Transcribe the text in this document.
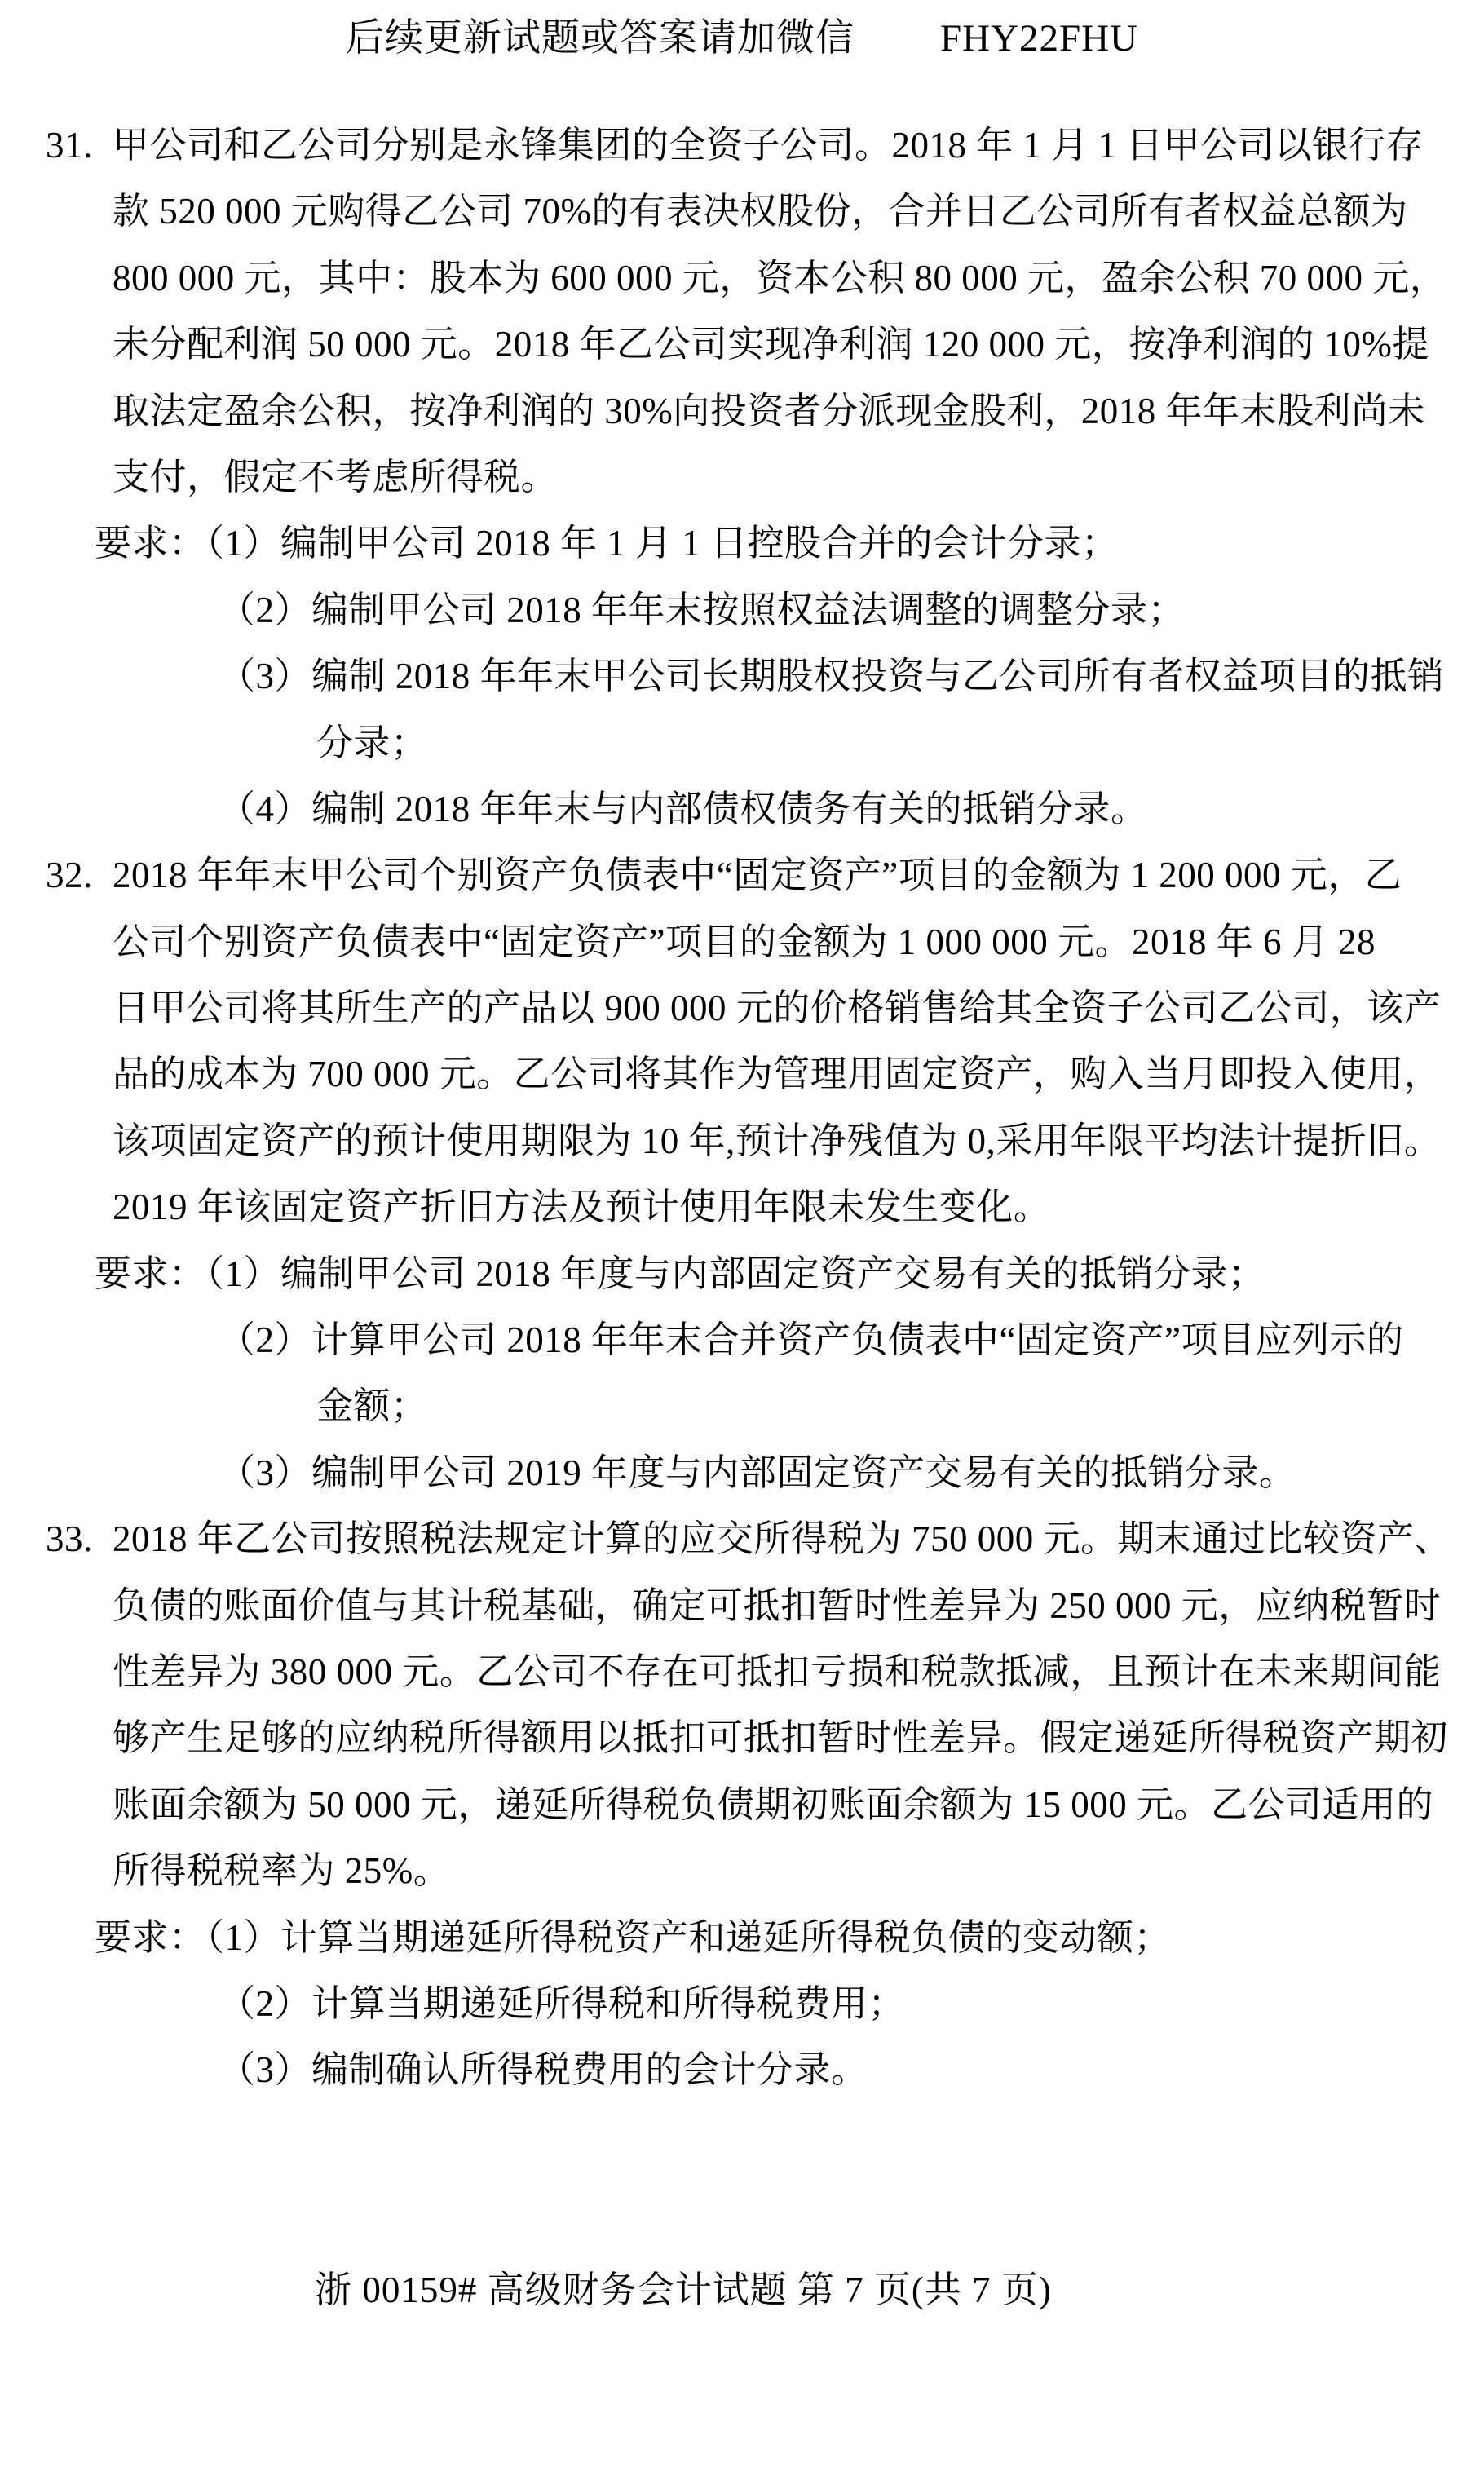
后续更新试题或答案请加微信 FHY22FHU
31. 甲公司和乙公司分别是永锋集团的全资子公司。2018 年 1 月 1 日甲公司以银行存
款 520 000 元购得乙公司 70%的有表决权股份，合并日乙公司所有者权益总额为
800 000 元，其中：股本为 600 000 元，资本公积 80 000 元，盈余公积 70 000 元，
未分配利润 50 000 元。2018 年乙公司实现净利润 120 000 元，按净利润的 10%提
取法定盈余公积，按净利润的 30%向投资者分派现金股利，2018 年年末股利尚未
支付，假定不考虑所得税。
要求：（1）编制甲公司 2018 年 1 月 1 日控股合并的会计分录；
（2）编制甲公司 2018 年年末按照权益法调整的调整分录；
（3）编制 2018 年年末甲公司长期股权投资与乙公司所有者权益项目的抵销
分录；
（4）编制 2018 年年末与内部债权债务有关的抵销分录。
32. 2018 年年末甲公司个别资产负债表中“固定资产”项目的金额为 1 200 000 元，乙
公司个别资产负债表中“固定资产”项目的金额为 1 000 000 元。2018 年 6 月 28
日甲公司将其所生产的产品以 900 000 元的价格销售给其全资子公司乙公司，该产
品的成本为 700 000 元。乙公司将其作为管理用固定资产，购入当月即投入使用，
该项固定资产的预计使用期限为 10 年,预计净残值为 0,采用年限平均法计提折旧。
2019 年该固定资产折旧方法及预计使用年限未发生变化。
要求：（1）编制甲公司 2018 年度与内部固定资产交易有关的抵销分录；
（2）计算甲公司 2018 年年末合并资产负债表中“固定资产”项目应列示的
金额；
（3）编制甲公司 2019 年度与内部固定资产交易有关的抵销分录。
33. 2018 年乙公司按照税法规定计算的应交所得税为 750 000 元。期末通过比较资产、
负债的账面价值与其计税基础，确定可抵扣暂时性差异为 250 000 元，应纳税暂时
性差异为 380 000 元。乙公司不存在可抵扣亏损和税款抵减，且预计在未来期间能
够产生足够的应纳税所得额用以抵扣可抵扣暂时性差异。假定递延所得税资产期初
账面余额为 50 000 元，递延所得税负债期初账面余额为 15 000 元。乙公司适用的
所得税税率为 25%。
要求：（1）计算当期递延所得税资产和递延所得税负债的变动额；
（2）计算当期递延所得税和所得税费用；
（3）编制确认所得税费用的会计分录。
浙 00159# 高级财务会计试题 第 7 页(共 7 页)
